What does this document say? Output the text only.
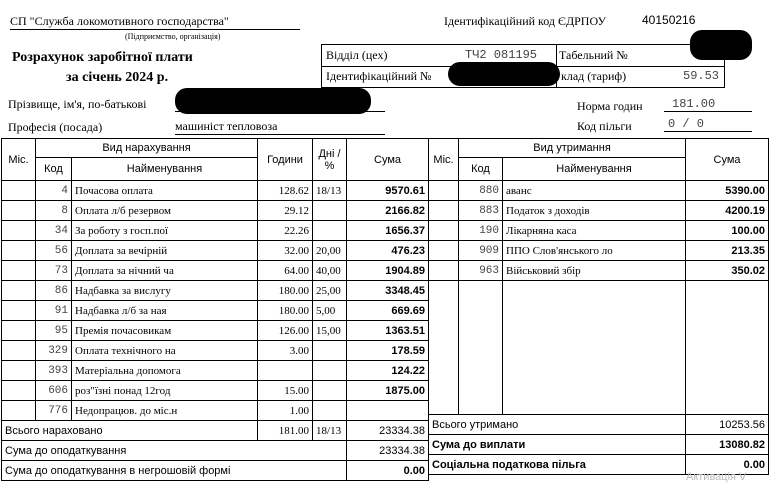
СП "Служба локомотивного господарства"
(Підприємство, організація)
Ідентифікаційний код ЄДРПОУ	40150216
Розрахунок заробітної плати
за січень 2024 р.
Відділ (цех)	ТЧ2 081195
Ідентифікаційний №
Табельний №
клад (тариф)	59.53
Прізвище, ім'я, по-батькові
Професія (посада)	машиніст тепловоза
Норма годин	181.00
Код пільги	0 / 0
Міс.	Вид нарахування		Години	Дні / %	Сума
	Код	Найменування			
	4	Почасова оплата	128.62	18/13	9570.61
	8	Оплата л/б резервом	29.12		2166.82
	34	За роботу з госп.пої	22.26		1656.37
	56	Доплата за вечірній	32.00	20,00	476.23
	73	Доплата за нічний ча	64.00	40,00	1904.89
	86	Надбавка за вислугу	180.00	25,00	3348.45
	91	Надбавка л/б за ная	180.00	5,00	669.69
	95	Премія почасовикам	126.00	15,00	1363.51
	329	Оплата технічного на	3.00		178.59
	393	Матеріальна допомога			124.22
	606	роз"їзні понад 12год	15.00		1875.00
	776	Недопрацюв. до міс.н	1.00		
Всього нараховано			181.00	18/13	23334.38
Сума до оподаткування					23334.38
Сума до оподаткування в негрошовій формі					0.00
Міс.	Вид утримання		Сума
	Код	Найменування	
	880	аванс	5390.00
	883	Податок з доходів	4200.19
	190	Лікарняна каса	100.00
	909	ППО Слов'янського ло	213.35
	963	Військовий збір	350.02

Всього утримано			10253.56
Сума до виплати			13080.82
Соціальна податкова пільга			0.00
Активація V
